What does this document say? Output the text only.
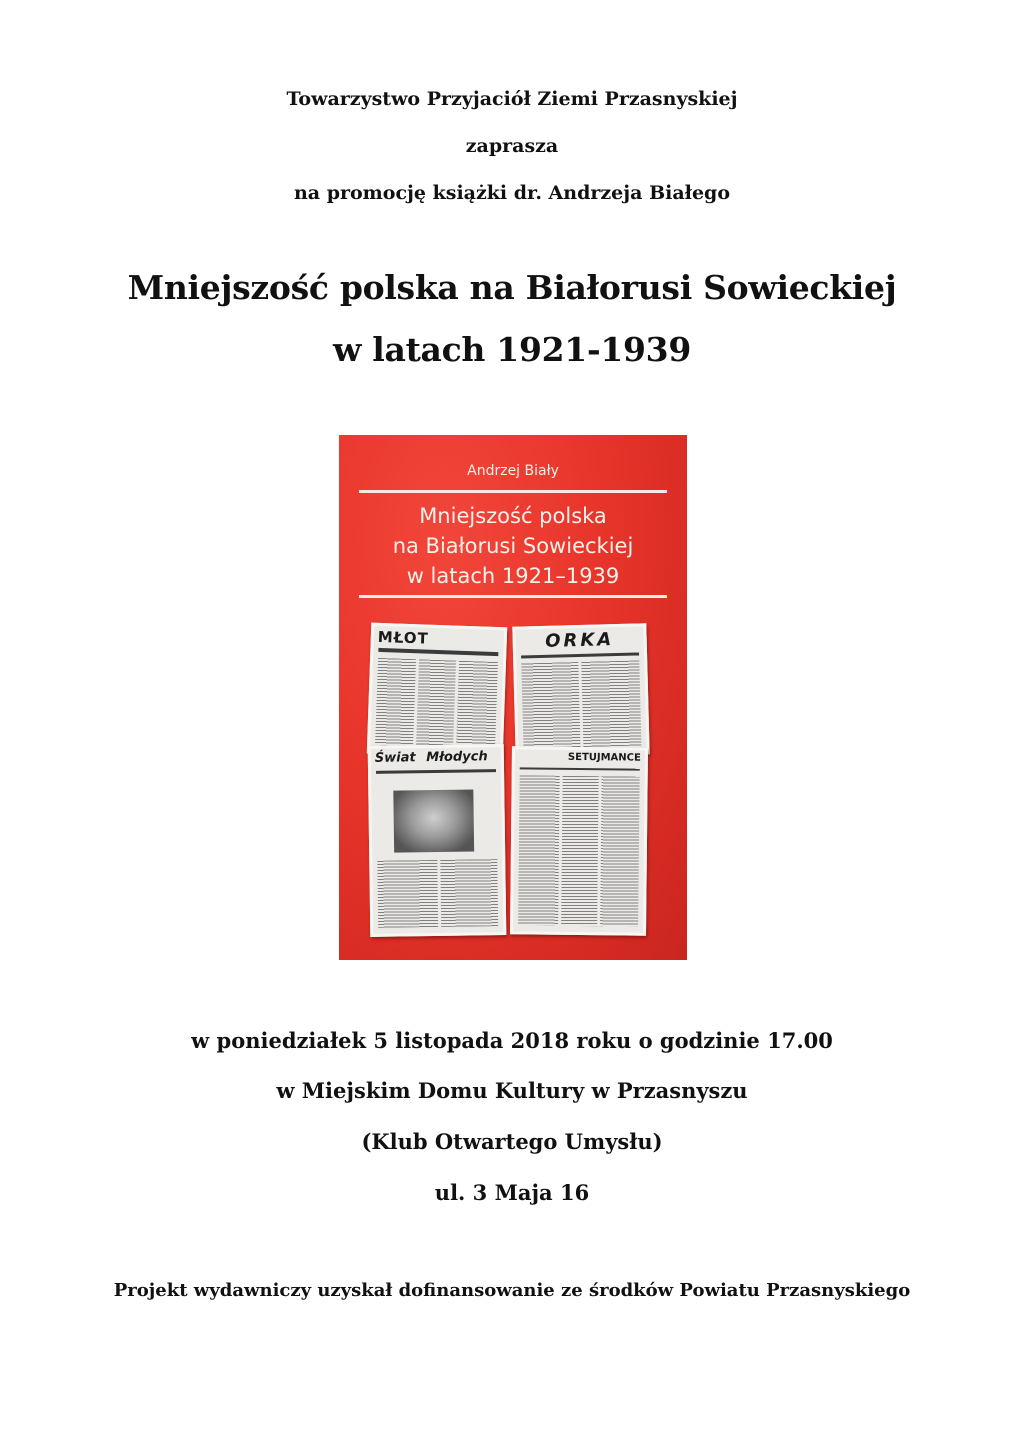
Towarzystwo Przyjaciół Ziemi Przasnyskiej
zaprasza
na promocję książki dr. Andrzeja Białego
Mniejszość polska na Białorusi Sowieckiej
w latach 1921-1939
Andrzej Biały
Mniejszość polska
na Białorusi Sowieckiej
w latach 1921–1939
MŁOT	ORKA
Świat Młodych	SETUJMANCE
w poniedziałek 5 listopada 2018 roku o godzinie 17.00
w Miejskim Domu Kultury w Przasnyszu
(Klub Otwartego Umysłu)
ul. 3 Maja 16
Projekt wydawniczy uzyskał dofinansowanie ze środków Powiatu Przasnyskiego
